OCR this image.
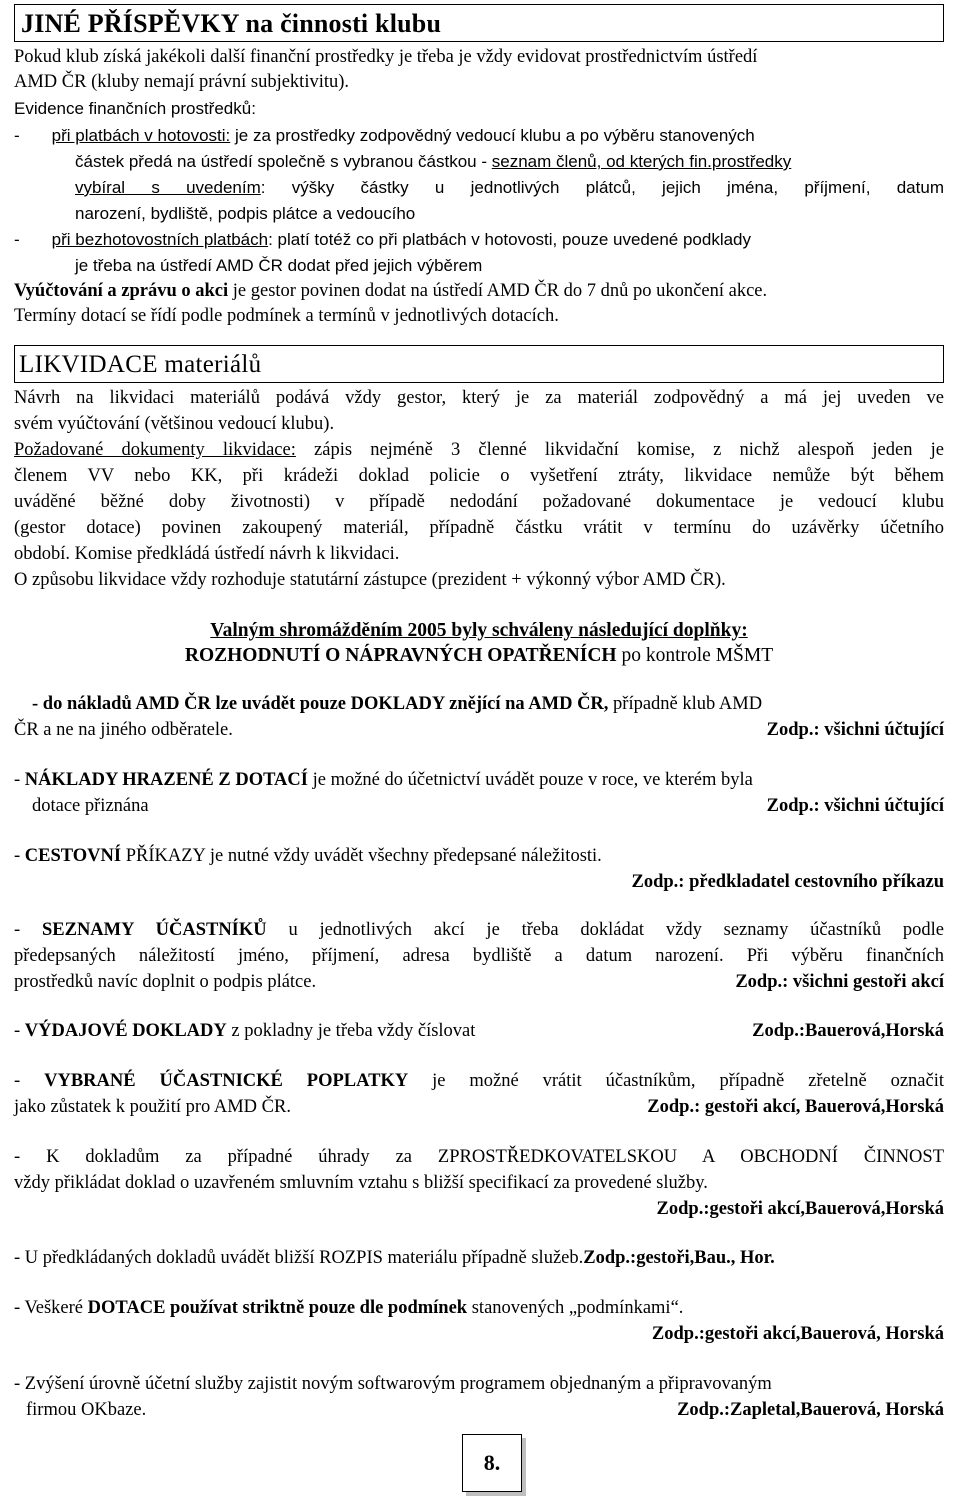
JINÉ PŘÍSPĚVKY na činnosti klubu
Pokud klub získá jakékoli další finanční prostředky je třeba je vždy evidovat prostřednictvím ústředí
AMD ČR (kluby nemají právní subjektivitu).
Evidence finančních prostředků:
- při platbách v hotovosti: je za prostředky zodpovědný vedoucí klubu a po výběru stanovených
částek předá na ústředí společně s vybranou částkou - seznam členů, od kterých fin.prostředky
vybíral s uvedením: výšky částky u jednotlivých plátců, jejich jména, příjmení, datum
narození, bydliště, podpis plátce a vedoucího
- při bezhotovostních platbách: platí totéž co při platbách v hotovosti, pouze uvedené podklady
je třeba na ústředí AMD ČR dodat před jejich výběrem
Vyúčtování a zprávu o akci je gestor povinen dodat na ústředí AMD ČR do 7 dnů po ukončení akce.
Termíny dotací se řídí podle podmínek a termínů v jednotlivých dotacích.
LIKVIDACE materiálů
Návrh na likvidaci materiálů podává vždy gestor, který je za materiál zodpovědný a má jej uveden ve
svém vyúčtování (většinou vedoucí klubu).
Požadované dokumenty likvidace: zápis nejméně 3 členné likvidační komise, z nichž alespoň jeden je
členem VV nebo KK, při krádeži doklad policie o vyšetření ztráty, likvidace nemůže být během
uváděné běžné doby životnosti) v případě nedodání požadované dokumentace je vedoucí klubu
(gestor dotace) povinen zakoupený materiál, případně částku vrátit v termínu do uzávěrky účetního
období. Komise předkládá ústředí návrh k likvidaci.
O způsobu likvidace vždy rozhoduje statutární zástupce (prezident + výkonný výbor AMD ČR).
Valným shromážděním 2005 byly schváleny následující doplňky:
ROZHODNUTÍ O NÁPRAVNÝCH OPATŘENÍCH po kontrole MŠMT
- do nákladů AMD ČR lze uvádět pouze DOKLADY znějící na AMD ČR, případně klub AMD
ČR a ne na jiného odběratele.	Zodp.: všichni účtující
- NÁKLADY HRAZENÉ Z DOTACÍ je možné do účetnictví uvádět pouze v roce, ve kterém byla
dotace přiznána	Zodp.: všichni účtující
- CESTOVNÍ PŘÍKAZY je nutné vždy uvádět všechny předepsané náležitosti.
Zodp.: předkladatel cestovního příkazu
- SEZNAMY ÚČASTNÍKŮ u jednotlivých akcí je třeba dokládat vždy seznamy účastníků podle
předepsaných náležitostí jméno, příjmení, adresa bydliště a datum narození. Při výběru finančních
prostředků navíc doplnit o podpis plátce.	Zodp.: všichni gestoři akcí
- VÝDAJOVÉ DOKLADY z pokladny je třeba vždy číslovat	Zodp.:Bauerová,Horská
- VYBRANÉ ÚČASTNICKÉ POPLATKY je možné vrátit účastníkům, případně zřetelně označit
jako zůstatek k použití pro AMD ČR.	Zodp.: gestoři akcí, Bauerová,Horská
- K dokladům za případné úhrady za ZPROSTŘEDKOVATELSKOU A OBCHODNÍ ČINNOST
vždy přikládat doklad o uzavřeném smluvním vztahu s bližší specifikací za provedené služby.
Zodp.:gestoři akcí,Bauerová,Horská
- U předkládaných dokladů uvádět bližší ROZPIS materiálu případně služeb.Zodp.:gestoři,Bau., Hor.
- Veškeré DOTACE používat striktně pouze dle podmínek stanovených „podmínkami“.
Zodp.:gestoři akcí,Bauerová, Horská
- Zvýšení úrovně účetní služby zajistit novým softwarovým programem objednaným a připravovaným
firmou OKbaze.	Zodp.:Zapletal,Bauerová, Horská
8.
